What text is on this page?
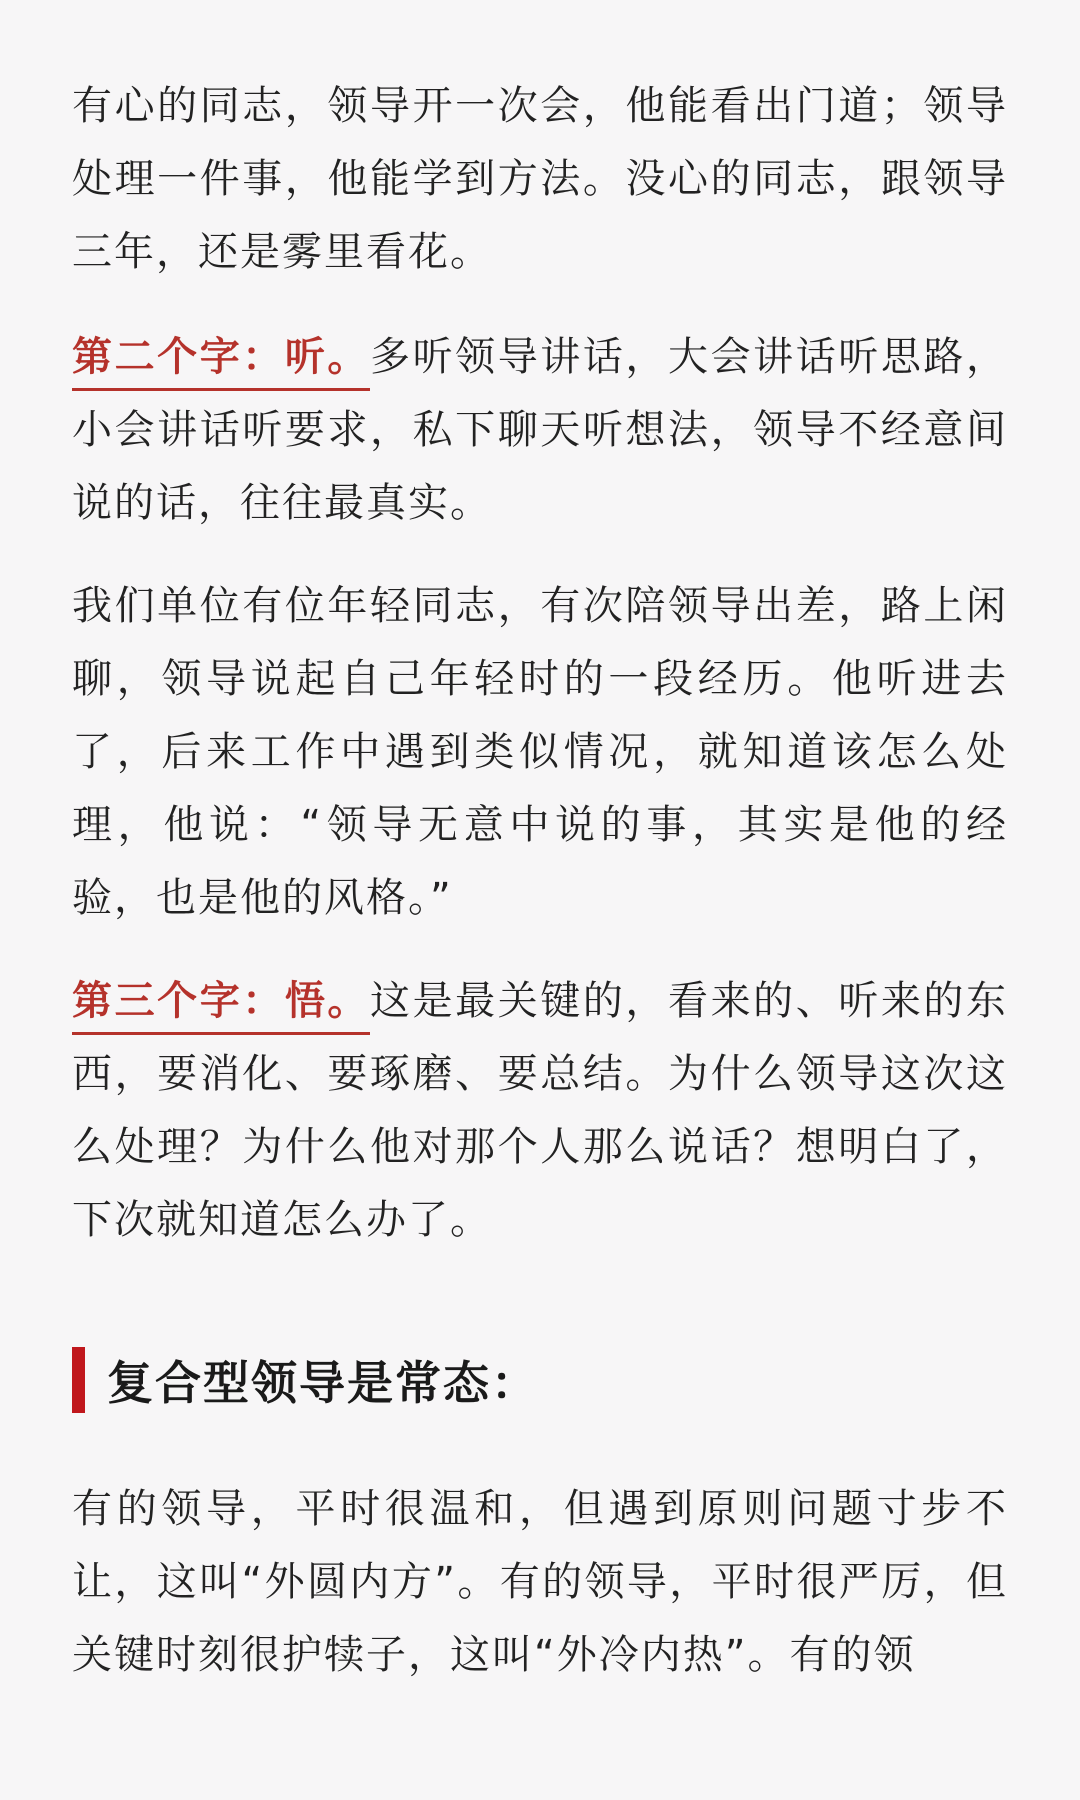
有心的同志，领导开一次会，他能看出门道；领导处理一件事，他能学到方法。没心的同志，跟领导三年，还是雾里看花。

第二个字：听。多听领导讲话，大会讲话听思路，小会讲话听要求，私下聊天听想法，领导不经意间说的话，往往最真实。

我们单位有位年轻同志，有次陪领导出差，路上闲聊，领导说起自己年轻时的一段经历。他听进去了，后来工作中遇到类似情况，就知道该怎么处理，他说：“领导无意中说的事，其实是他的经验，也是他的风格。”

第三个字：悟。这是最关键的，看来的、听来的东西，要消化、要琢磨、要总结。为什么领导这次这么处理？为什么他对那个人那么说话？想明白了，下次就知道怎么办了。

复合型领导是常态：

有的领导，平时很温和，但遇到原则问题寸步不让，这叫“外圆内方”。有的领导，平时很严厉，但关键时刻很护犊子，这叫“外冷内热”。有的领
